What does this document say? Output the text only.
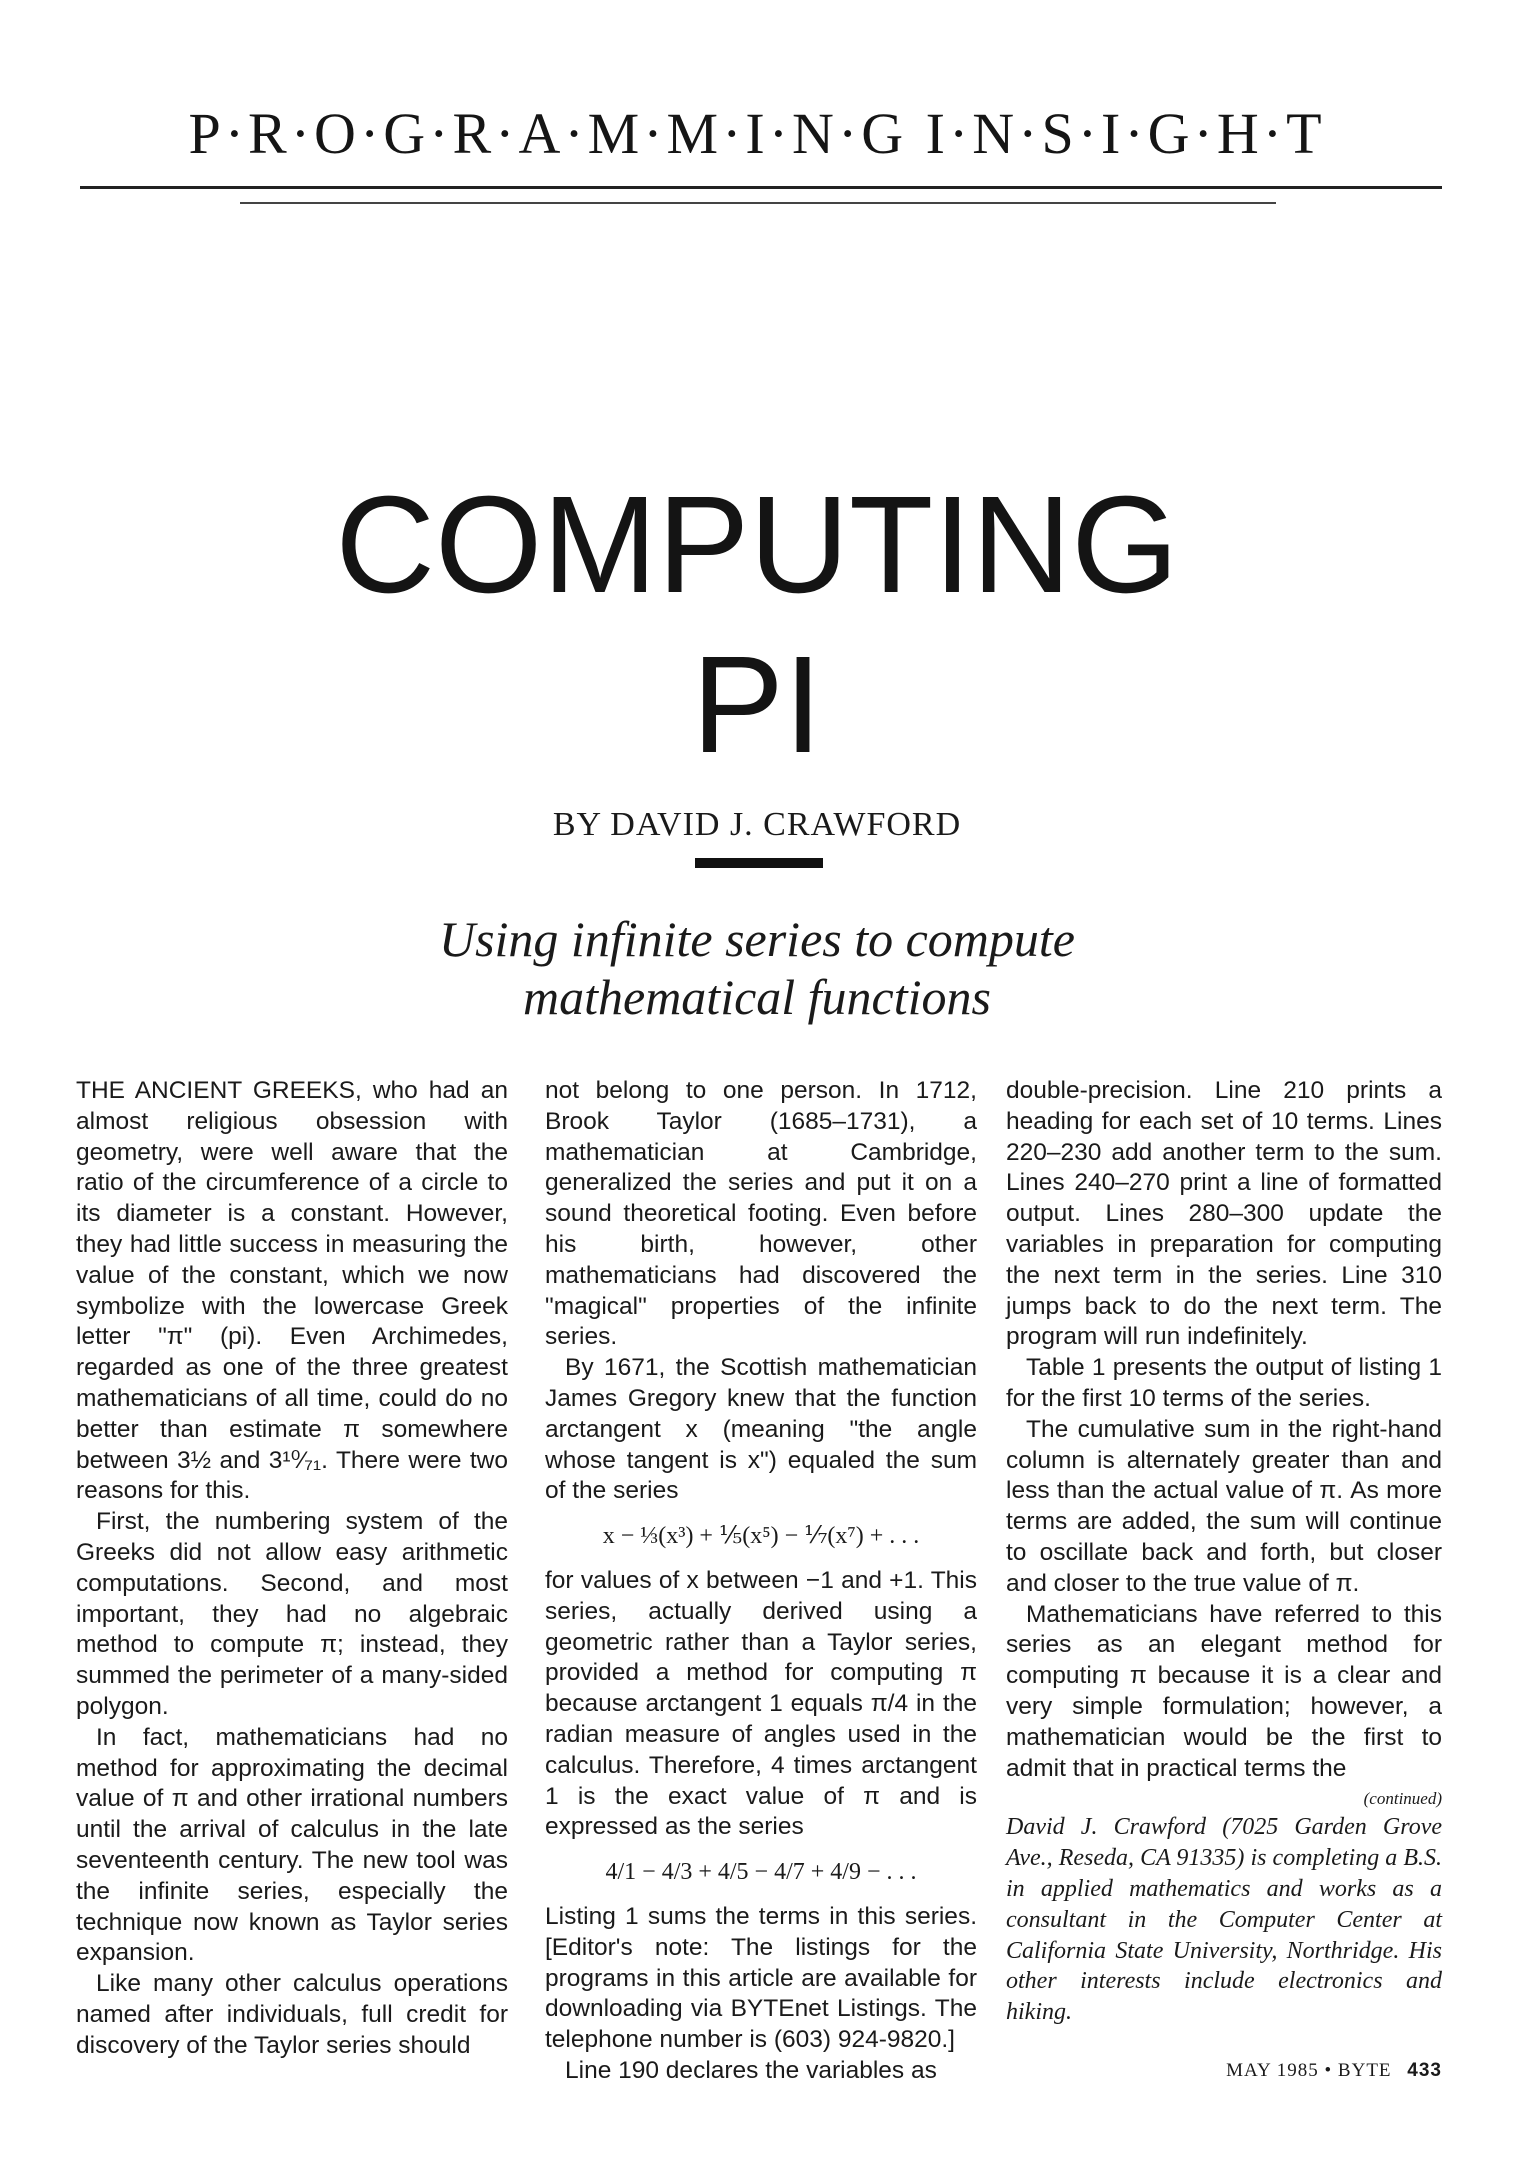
P·R·O·G·R·A·M·M·I·N·G I·N·S·I·G·H·T
COMPUTING
PI
BY DAVID J. CRAWFORD
Using infinite series to compute
mathematical functions

THE ANCIENT GREEKS, who had an almost religious obsession with geometry, were well aware that the ratio of the circumference of a circle to its diameter is a constant. However, they had little success in measuring the value of the constant, which we now symbolize with the lowercase Greek letter "π" (pi). Even Archimedes, regarded as one of the three greatest mathematicians of all time, could do no better than estimate π somewhere between 3½ and 3¹⁰⁄₇₁. There were two reasons for this.

First, the numbering system of the Greeks did not allow easy arithmetic computations. Second, and most important, they had no algebraic method to compute π; instead, they summed the perimeter of a many-sided polygon.

In fact, mathematicians had no method for approximating the decimal value of π and other irrational numbers until the arrival of calculus in the late seventeenth century. The new tool was the infinite series, especially the technique now known as Taylor series expansion.

Like many other calculus operations named after individuals, full credit for discovery of the Taylor series should

not belong to one person. In 1712, Brook Taylor (1685–1731), a mathematician at Cambridge, generalized the series and put it on a sound theoretical footing. Even before his birth, however, other mathematicians had discovered the "magical" properties of the infinite series.

By 1671, the Scottish mathematician James Gregory knew that the function arctangent x (meaning "the angle whose tangent is x") equaled the sum of the series

x − ⅓(x³) + ⅕(x⁵) − ⅐(x⁷) + . . .

for values of x between −1 and +1. This series, actually derived using a geometric rather than a Taylor series, provided a method for computing π because arctangent 1 equals π/4 in the radian measure of angles used in the calculus. Therefore, 4 times arctangent 1 is the exact value of π and is expressed as the series

4/1 − 4/3 + 4/5 − 4/7 + 4/9 − . . .

Listing 1 sums the terms in this series. [Editor's note: The listings for the programs in this article are available for downloading via BYTEnet Listings. The telephone number is (603) 924-9820.]

Line 190 declares the variables as

double-precision. Line 210 prints a heading for each set of 10 terms. Lines 220–230 add another term to the sum. Lines 240–270 print a line of formatted output. Lines 280–300 update the variables in preparation for computing the next term in the series. Line 310 jumps back to do the next term. The program will run indefinitely.

Table 1 presents the output of listing 1 for the first 10 terms of the series.

The cumulative sum in the right-hand column is alternately greater than and less than the actual value of π. As more terms are added, the sum will continue to oscillate back and forth, but closer and closer to the true value of π.

Mathematicians have referred to this series as an elegant method for computing π because it is a clear and very simple formulation; however, a mathematician would be the first to admit that in practical terms the

(continued)

David J. Crawford (7025 Garden Grove Ave., Reseda, CA 91335) is completing a B.S. in applied mathematics and works as a consultant in the Computer Center at California State University, Northridge. His other interests include electronics and hiking.

MAY 1985 • BYTE 433
